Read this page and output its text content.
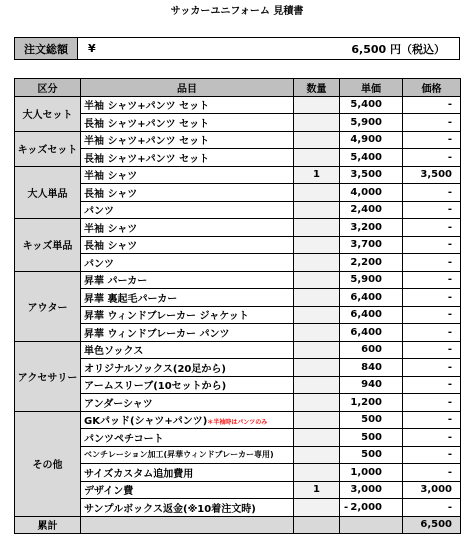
サッカーユニフォーム 見積書
注文総額	¥	6,500 円（税込）
区分	品目	数量	単価	価格
大人セット	半袖 シャツ+パンツ セット		5,400	-
	長袖 シャツ+パンツ セット		5,900	-
キッズセット	半袖 シャツ+パンツ セット		4,900	-
	長袖 シャツ+パンツ セット		5,400	-
大人単品	半袖 シャツ	1	3,500	3,500
	長袖 シャツ		4,000	-
	パンツ		2,400	-
キッズ単品	半袖 シャツ		3,200	-
	長袖 シャツ		3,700	-
	パンツ		2,200	-
アウター	昇華 パーカー		5,900	-
	昇華 裏起毛パーカー		6,400	-
	昇華 ウィンドブレーカー ジャケット		6,400	-
	昇華 ウィンドブレーカー パンツ		6,400	-
アクセサリー	単色ソックス		600	-
	オリジナルソックス(20足から)		840	-
	アームスリーブ(10セットから)		940	-
	アンダーシャツ		1,200	-
その他	GKパッド(シャツ+パンツ)＊半袖時はパンツのみ		500	-
	パンツペチコート		500	-
	ベンチレーション加工(昇華ウィンドブレーカー専用)		500	-
	サイズカスタム追加費用		1,000	-
	デザイン費	1	3,000	3,000
	サンプルボックス返金(※10着注文時)		- 2,000	-
累計				6,500
